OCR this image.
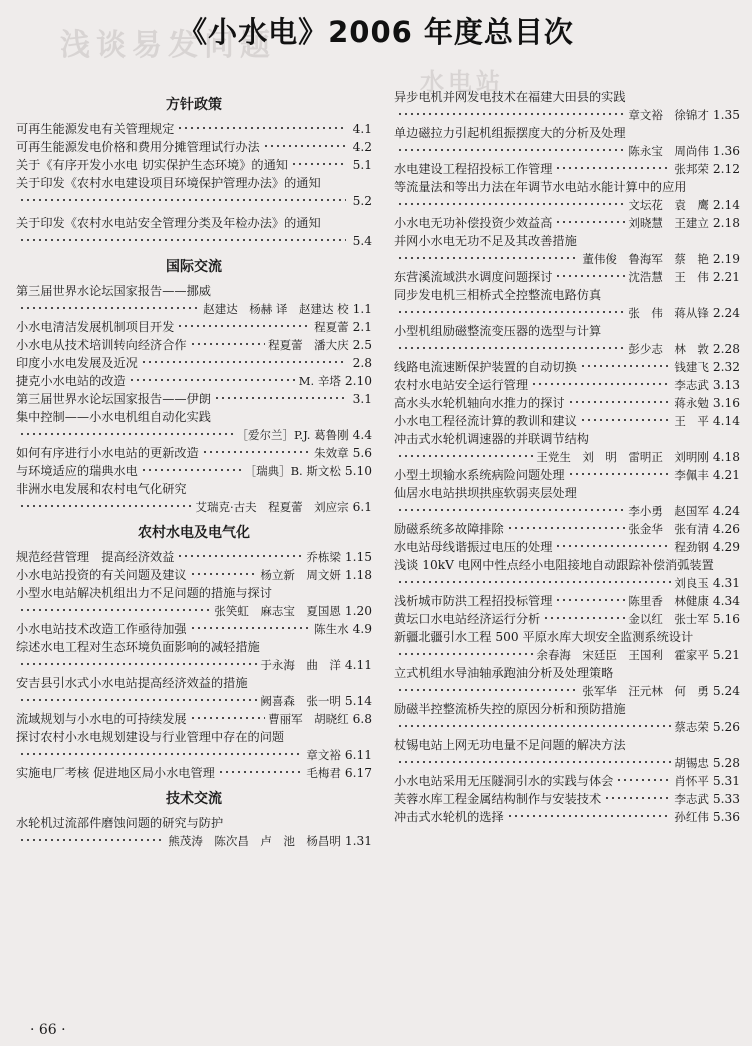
浅谈易发问题
水电站
《小水电》2006 年度总目次
方针政策
可再生能源发电有关管理规定	4.1
可再生能源发电价格和费用分摊管理试行办法	4.2
关于《有序开发小水电 切实保护生态环境》的通知	5.1
关于印发《农村水电建设项目环境保护管理办法》的通知
5.2
关于印发《农村水电站安全管理分类及年检办法》的通知
5.4
国际交流
第三届世界水论坛国家报告——挪威
赵建达　杨赫 译　赵建达 校 1.1
小水电清洁发展机制项目开发	程夏蕾 2.1
小水电从技术培训转向经济合作	程夏蕾　潘大庆 2.5
印度小水电发展及近况	2.8
捷克小水电站的改造	M. 辛塔 2.10
第三届世界水论坛国家报告——伊朗	3.1
集中控制——小水电机组自动化实践
［爱尔兰］P.J. 葛鲁刚 4.4
如何有序进行小水电站的更新改造	朱效章 5.6
与环境适应的瑞典水电	［瑞典］B. 斯文松 5.10
非洲水电发展和农村电气化研究
艾瑞克·古夫　程夏蕾　刘应宗 6.1
农村水电及电气化
规范经营管理　提高经济效益	乔栋梁 1.15
小水电站投资的有关问题及建议	杨立新　周文妍 1.18
小型水电站解决机组出力不足问题的措施与探讨
张笑虹　麻志宝　夏国恩 1.20
小水电站技术改造工作亟待加强	陈生水 4.9
综述水电工程对生态环境负面影响的减轻措施
于永海　曲　洋 4.11
安吉县引水式小水电站提高经济效益的措施
阙喜森　张一明 5.14
流域规划与小水电的可持续发展	曹丽军　胡晓红 6.8
探讨农村小水电规划建设与行业管理中存在的问题
章文裕 6.11
实施电厂考核 促进地区局小水电管理	毛梅君 6.17
技术交流
水轮机过流部件磨蚀问题的研究与防护
熊茂涛　陈次昌　卢　池　杨昌明 1.31
异步电机并网发电技术在福建大田县的实践
章文裕　徐锦才 1.35
单边磁拉力引起机组振摆度大的分析及处理
陈永宝　周尚伟 1.36
水电建设工程招投标工作管理	张邦荣 2.12
等流量法和等出力法在年调节水电站水能计算中的应用
文坛花　袁　鹰 2.14
小水电无功补偿投资少效益高	刘晓慧　王建立 2.18
并网小水电无功不足及其改善措施
董伟俊　鲁海军　蔡　艳 2.19
东营溪流域洪水调度问题探讨	沈浩慧　王　伟 2.21
同步发电机三相桥式全控整流电路仿真
张　伟　蒋从锋 2.24
小型机组励磁整流变压器的选型与计算
彭少志　林　敦 2.28
线路电流速断保护装置的自动切换	钱建飞 2.32
农村水电站安全运行管理	李志武 3.13
高水头水轮机轴向水推力的探讨	蒋永勉 3.16
小水电工程径流计算的教训和建议	王　平 4.14
冲击式水轮机调速器的并联调节结构
王党生　刘　明　雷明正　刘明刚 4.18
小型土坝输水系统病险问题处理	李佩丰 4.21
仙居水电站拱坝拱座软弱夹层处理
李小勇　赵国军 4.24
励磁系统多故障排除	张金华　张有清 4.26
水电站母线谐振过电压的处理	程劲钢 4.29
浅谈 10kV 电网中性点经小电阻接地自动跟踪补偿消弧装置
刘良玉 4.31
浅析城市防洪工程招投标管理	陈里香　林健康 4.34
黄坛口水电站经济运行分析	金以红　张士军 5.16
新疆北疆引水工程 500 平原水库大坝安全监测系统设计
余春海　宋廷臣　王国利　霍家平 5.21
立式机组水导油轴承跑油分析及处理策略
张军华　汪元林　何　勇 5.24
励磁半控整流桥失控的原因分析和预防措施
蔡志荣 5.26
杖锡电站上网无功电量不足问题的解决方法
胡锡忠 5.28
小水电站采用无压隧洞引水的实践与体会	肖怀平 5.31
芙蓉水库工程金属结构制作与安装技术	李志武 5.33
冲击式水轮机的选择	孙红伟 5.36
· 66 ·
